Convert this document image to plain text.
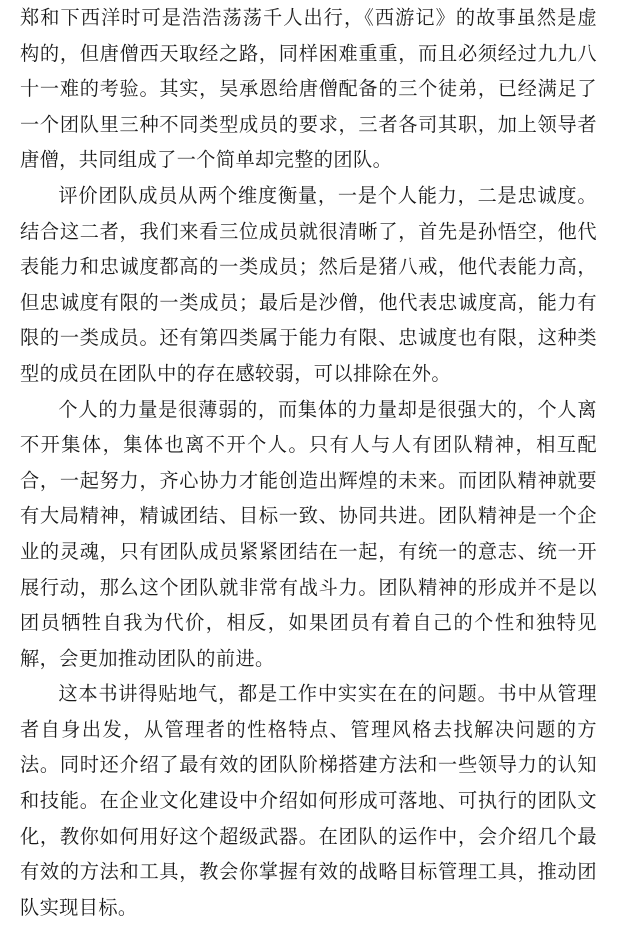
郑和下西洋时可是浩浩荡荡千人出行，《西游记》的故事虽然是虚构的，但唐僧西天取经之路，同样困难重重，而且必须经过九九八十一难的考验。其实，吴承恩给唐僧配备的三个徒弟，已经满足了一个团队里三种不同类型成员的要求，三者各司其职，加上领导者唐僧，共同组成了一个简单却完整的团队。

评价团队成员从两个维度衡量，一是个人能力，二是忠诚度。结合这二者，我们来看三位成员就很清晰了，首先是孙悟空，他代表能力和忠诚度都高的一类成员；然后是猪八戒，他代表能力高，但忠诚度有限的一类成员；最后是沙僧，他代表忠诚度高，能力有限的一类成员。还有第四类属于能力有限、忠诚度也有限，这种类型的成员在团队中的存在感较弱，可以排除在外。

个人的力量是很薄弱的，而集体的力量却是很强大的，个人离不开集体，集体也离不开个人。只有人与人有团队精神，相互配合，一起努力，齐心协力才能创造出辉煌的未来。而团队精神就要有大局精神，精诚团结、目标一致、协同共进。团队精神是一个企业的灵魂，只有团队成员紧紧团结在一起，有统一的意志、统一开展行动，那么这个团队就非常有战斗力。团队精神的形成并不是以团员牺牲自我为代价，相反，如果团员有着自己的个性和独特见解，会更加推动团队的前进。

这本书讲得贴地气，都是工作中实实在在的问题。书中从管理者自身出发，从管理者的性格特点、管理风格去找解决问题的方法。同时还介绍了最有效的团队阶梯搭建方法和一些领导力的认知和技能。在企业文化建设中介绍如何形成可落地、可执行的团队文化，教你如何用好这个超级武器。在团队的运作中，会介绍几个最有效的方法和工具，教会你掌握有效的战略目标管理工具，推动团队实现目标。
